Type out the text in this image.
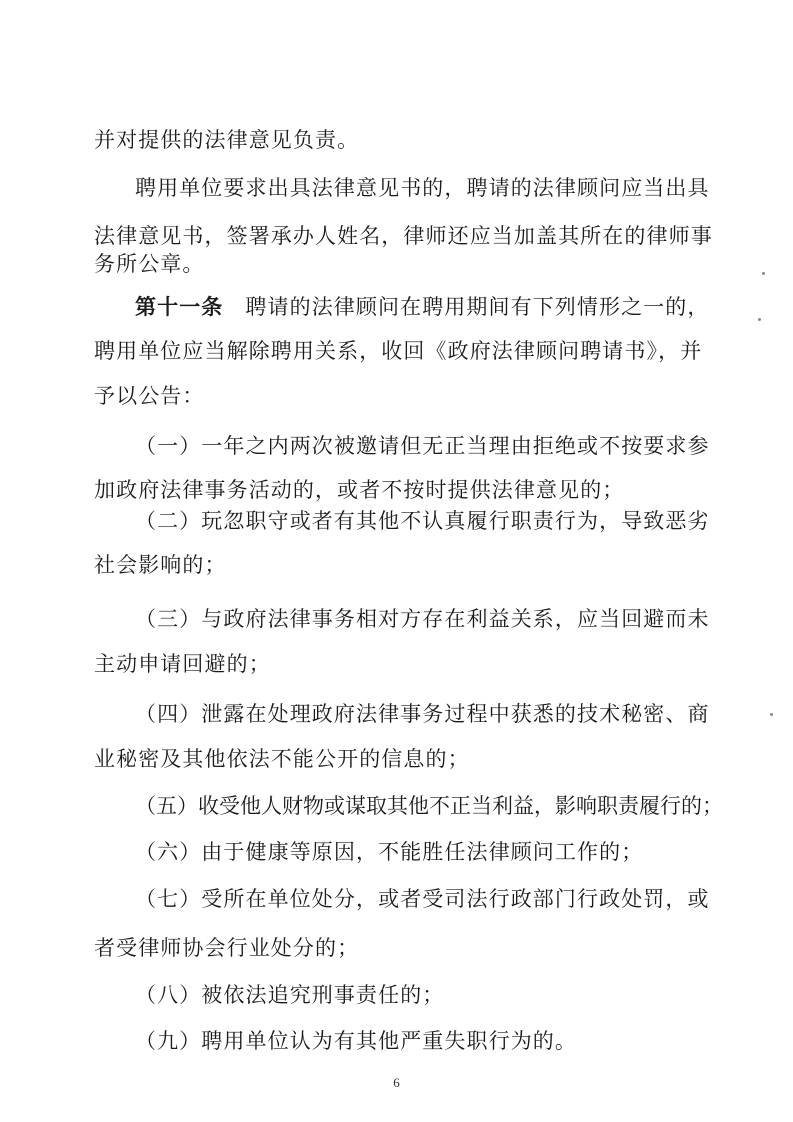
并对提供的法律意见负责。
聘用单位要求出具法律意见书的，聘请的法律顾问应当出具
法律意见书，签署承办人姓名，律师还应当加盖其所在的律师事
务所公章。
第十一条 聘请的法律顾问在聘用期间有下列情形之一的，
聘用单位应当解除聘用关系，收回《政府法律顾问聘请书》，并
予以公告：
（一）一年之内两次被邀请但无正当理由拒绝或不按要求参
加政府法律事务活动的，或者不按时提供法律意见的；
（二）玩忽职守或者有其他不认真履行职责行为，导致恶劣
社会影响的；
（三）与政府法律事务相对方存在利益关系，应当回避而未
主动申请回避的；
（四）泄露在处理政府法律事务过程中获悉的技术秘密、商
业秘密及其他依法不能公开的信息的；
（五）收受他人财物或谋取其他不正当利益，影响职责履行的；
（六）由于健康等原因，不能胜任法律顾问工作的；
（七）受所在单位处分，或者受司法行政部门行政处罚，或
者受律师协会行业处分的；
（八）被依法追究刑事责任的；
（九）聘用单位认为有其他严重失职行为的。
6
